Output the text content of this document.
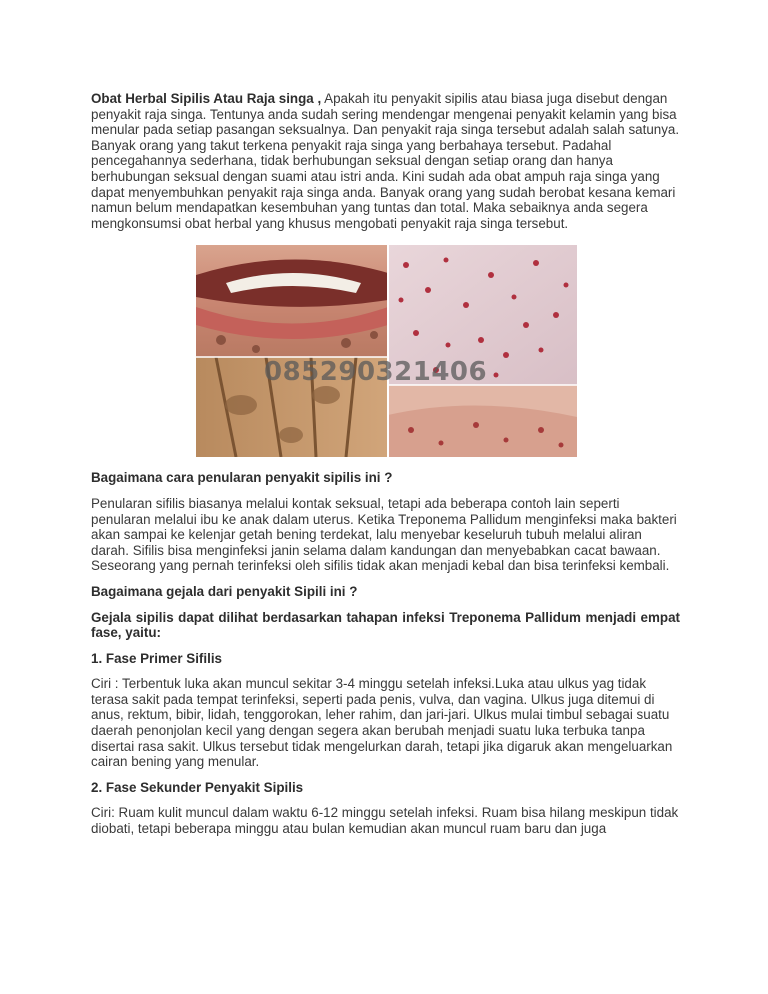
Obat Herbal Sipilis Atau Raja singa , Apakah itu penyakit sipilis atau biasa juga disebut dengan penyakit raja singa. Tentunya anda sudah sering mendengar mengenai penyakit kelamin yang bisa menular pada setiap pasangan seksualnya. Dan penyakit raja singa tersebut adalah salah satunya. Banyak orang yang takut terkena penyakit raja singa yang berbahaya tersebut. Padahal pencegahannya sederhana, tidak berhubungan seksual dengan setiap orang dan hanya berhubungan seksual dengan suami atau istri anda. Kini sudah ada obat ampuh raja singa yang dapat menyembuhkan penyakit raja singa anda. Banyak orang yang sudah berobat kesana kemari namun belum mendapatkan kesembuhan yang tuntas dan total. Maka sebaiknya anda segera mengkonsumsi obat herbal yang khusus mengobati penyakit raja singa tersebut.

085290321406

Bagaimana cara penularan penyakit sipilis ini ?

Penularan sifilis biasanya melalui kontak seksual, tetapi ada beberapa contoh lain seperti penularan melalui ibu ke anak dalam uterus. Ketika Treponema Pallidum menginfeksi maka bakteri akan sampai ke kelenjar getah bening terdekat, lalu menyebar keseluruh tubuh melalui aliran darah. Sifilis bisa menginfeksi janin selama dalam kandungan dan menyebabkan cacat bawaan. Seseorang yang pernah terinfeksi oleh sifilis tidak akan menjadi kebal dan bisa terinfeksi kembali.

Bagaimana gejala dari penyakit Sipili ini ?

Gejala sipilis dapat dilihat berdasarkan tahapan infeksi Treponema Pallidum menjadi empat fase, yaitu:

1. Fase Primer Sifilis

Ciri : Terbentuk luka akan muncul sekitar 3-4 minggu setelah infeksi.Luka atau ulkus yag tidak terasa sakit pada tempat terinfeksi, seperti pada penis, vulva, dan vagina. Ulkus juga ditemui di anus, rektum, bibir, lidah, tenggorokan, leher rahim, dan jari-jari. Ulkus mulai timbul sebagai suatu daerah penonjolan kecil yang dengan segera akan berubah menjadi suatu luka terbuka tanpa disertai rasa sakit. Ulkus tersebut tidak mengelurkan darah, tetapi jika digaruk akan mengeluarkan cairan bening yang menular.

2. Fase Sekunder Penyakit Sipilis

Ciri: Ruam kulit muncul dalam waktu 6-12 minggu setelah infeksi. Ruam bisa hilang meskipun tidak diobati, tetapi beberapa minggu atau bulan kemudian akan muncul ruam baru dan juga
